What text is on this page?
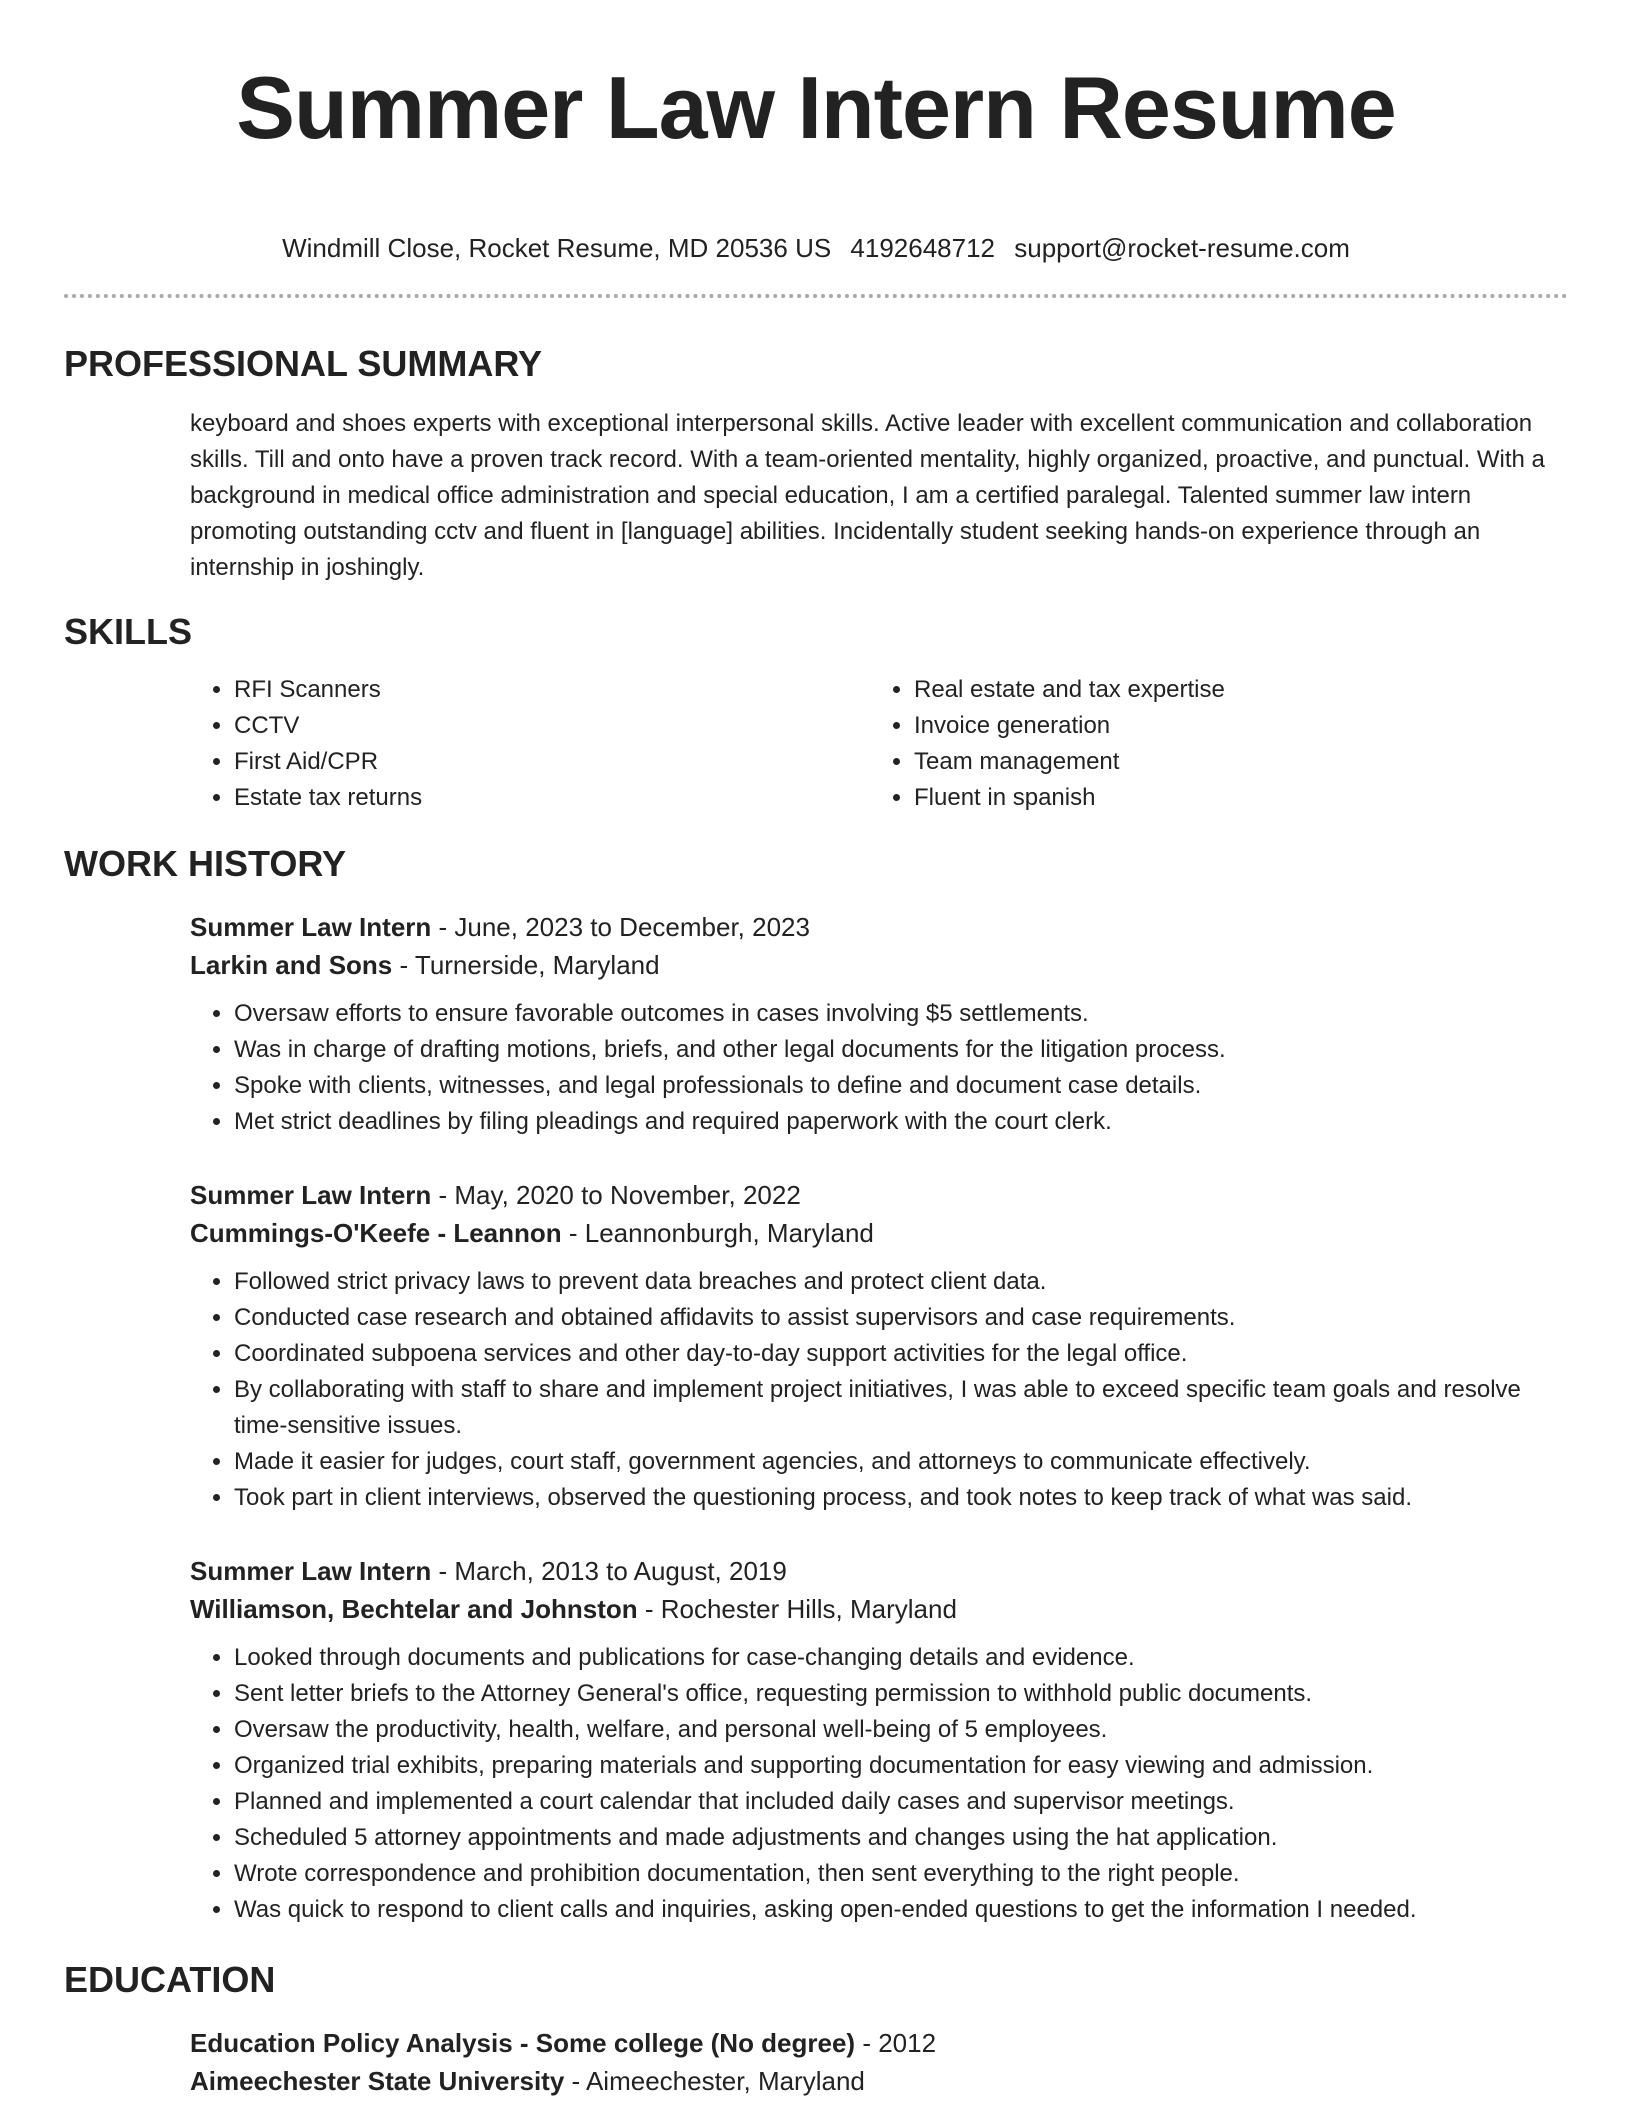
Summer Law Intern Resume
Windmill Close, Rocket Resume, MD 20536 US 4192648712 support@rocket-resume.com
PROFESSIONAL SUMMARY

keyboard and shoes experts with exceptional interpersonal skills. Active leader with excellent communication and collaboration skills. Till and onto have a proven track record. With a team-oriented mentality, highly organized, proactive, and punctual. With a background in medical office administration and special education, I am a certified paralegal. Talented summer law intern promoting outstanding cctv and fluent in [language] abilities. Incidentally student seeking hands-on experience through an internship in joshingly.

SKILLS
• RFI Scanners
• CCTV
• First Aid/CPR
• Estate tax returns
• Real estate and tax expertise
• Invoice generation
• Team management
• Fluent in spanish
WORK HISTORY
Summer Law Intern - June, 2023 to December, 2023
Larkin and Sons - Turnerside, Maryland
• Oversaw efforts to ensure favorable outcomes in cases involving $5 settlements.
• Was in charge of drafting motions, briefs, and other legal documents for the litigation process.
• Spoke with clients, witnesses, and legal professionals to define and document case details.
• Met strict deadlines by filing pleadings and required paperwork with the court clerk.
Summer Law Intern - May, 2020 to November, 2022
Cummings-O'Keefe - Leannon - Leannonburgh, Maryland
• Followed strict privacy laws to prevent data breaches and protect client data.
• Conducted case research and obtained affidavits to assist supervisors and case requirements.
• Coordinated subpoena services and other day-to-day support activities for the legal office.
• By collaborating with staff to share and implement project initiatives, I was able to exceed specific team goals and resolve time-sensitive issues.
• Made it easier for judges, court staff, government agencies, and attorneys to communicate effectively.
• Took part in client interviews, observed the questioning process, and took notes to keep track of what was said.
Summer Law Intern - March, 2013 to August, 2019
Williamson, Bechtelar and Johnston - Rochester Hills, Maryland
• Looked through documents and publications for case-changing details and evidence.
• Sent letter briefs to the Attorney General's office, requesting permission to withhold public documents.
• Oversaw the productivity, health, welfare, and personal well-being of 5 employees.
• Organized trial exhibits, preparing materials and supporting documentation for easy viewing and admission.
• Planned and implemented a court calendar that included daily cases and supervisor meetings.
• Scheduled 5 attorney appointments and made adjustments and changes using the hat application.
• Wrote correspondence and prohibition documentation, then sent everything to the right people.
• Was quick to respond to client calls and inquiries, asking open-ended questions to get the information I needed.
EDUCATION
Education Policy Analysis - Some college (No degree) - 2012
Aimeechester State University - Aimeechester, Maryland
